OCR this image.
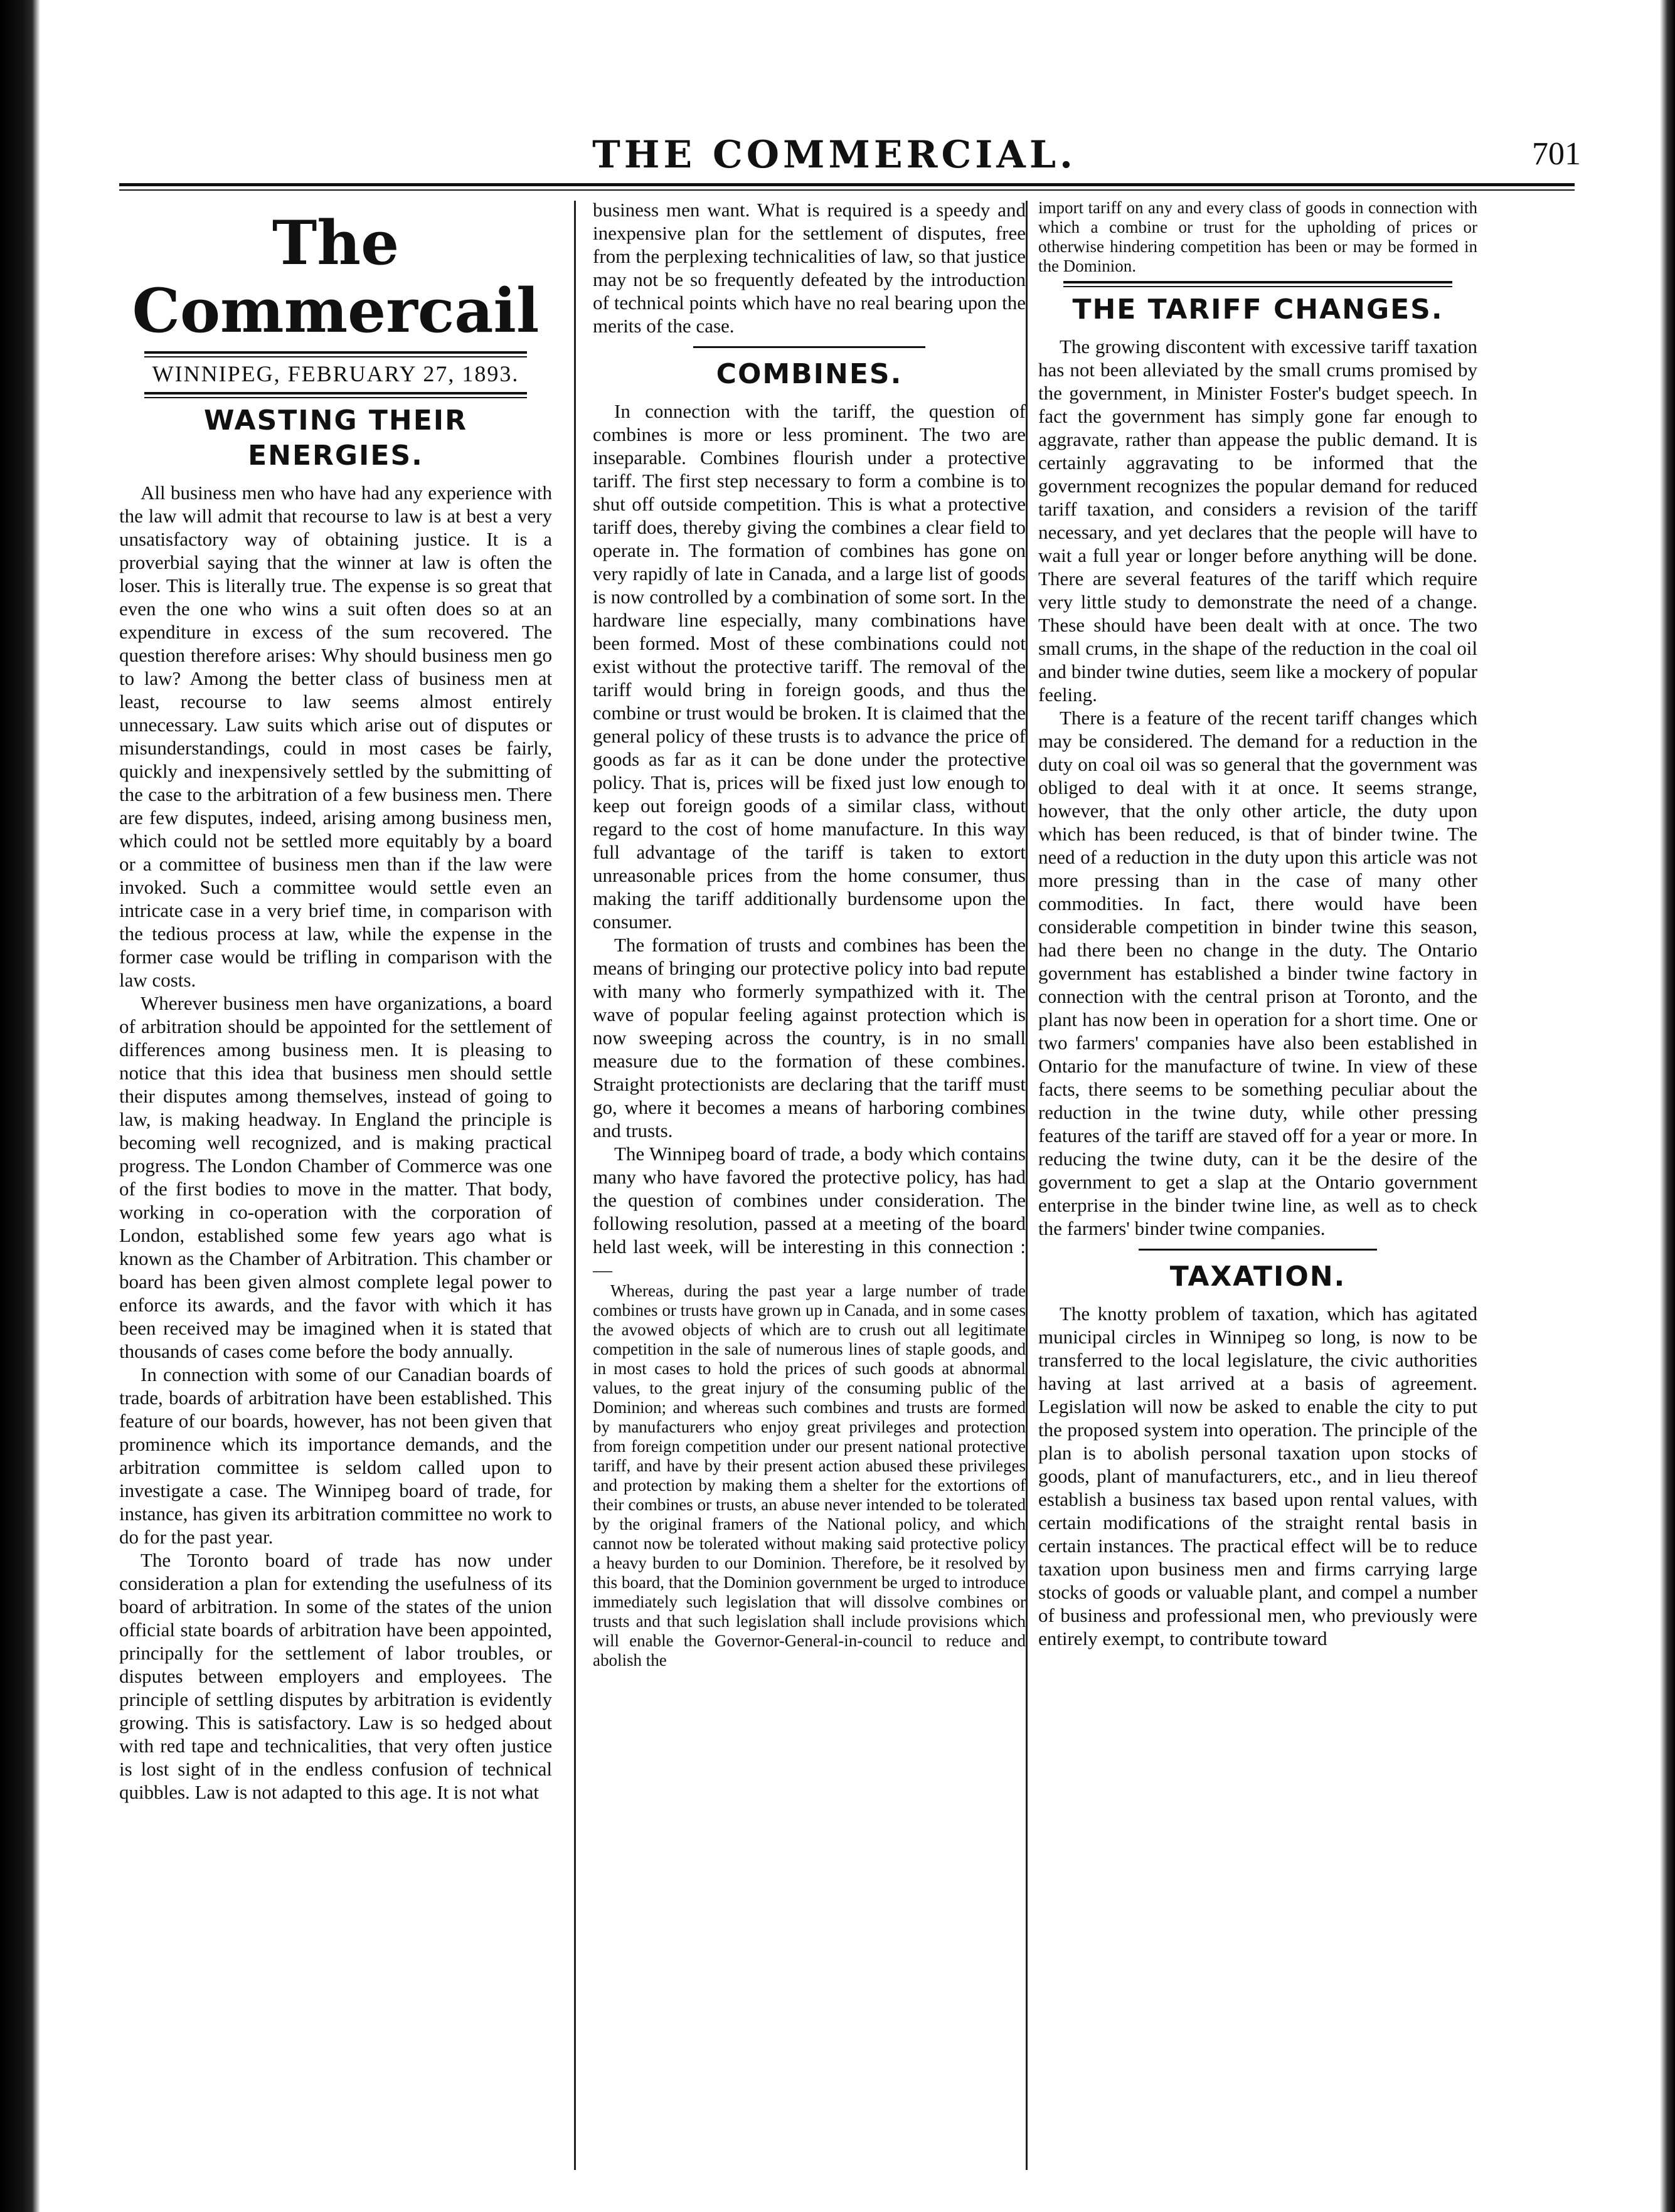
THE COMMERCIAL.	701
The Commercail
WINNIPEG, FEBRUARY 27, 1893.
WASTING THEIR ENERGIES.

All business men who have had any experience with the law will admit that recourse to law is at best a very unsatisfactory way of obtaining justice. It is a proverbial saying that the winner at law is often the loser. This is literally true. The expense is so great that even the one who wins a suit often does so at an expenditure in excess of the sum recovered. The question therefore arises: Why should business men go to law? Among the better class of business men at least, recourse to law seems almost entirely unnecessary. Law suits which arise out of disputes or misunderstandings, could in most cases be fairly, quickly and inexpensively settled by the submitting of the case to the arbitration of a few business men. There are few disputes, indeed, arising among business men, which could not be settled more equitably by a board or a committee of business men than if the law were invoked. Such a committee would settle even an intricate case in a very brief time, in comparison with the tedious process at law, while the expense in the former case would be trifling in comparison with the law costs.

Wherever business men have organizations, a board of arbitration should be appointed for the settlement of differences among business men. It is pleasing to notice that this idea that business men should settle their disputes among themselves, instead of going to law, is making headway. In England the principle is becoming well recognized, and is making practical progress. The London Chamber of Commerce was one of the first bodies to move in the matter. That body, working in co-operation with the corporation of London, established some few years ago what is known as the Chamber of Arbitration. This chamber or board has been given almost complete legal power to enforce its awards, and the favor with which it has been received may be imagined when it is stated that thousands of cases come before the body annually.

In connection with some of our Canadian boards of trade, boards of arbitration have been established. This feature of our boards, however, has not been given that prominence which its importance demands, and the arbitration committee is seldom called upon to investigate a case. The Winnipeg board of trade, for instance, has given its arbitration committee no work to do for the past year.

The Toronto board of trade has now under consideration a plan for extending the usefulness of its board of arbitration. In some of the states of the union official state boards of arbitration have been appointed, principally for the settlement of labor troubles, or disputes between employers and employees. The principle of settling disputes by arbitration is evidently growing. This is satisfactory. Law is so hedged about with red tape and technicalities, that very often justice is lost sight of in the endless confusion of technical quibbles. Law is not adapted to this age. It is not what

business men want. What is required is a speedy and inexpensive plan for the settlement of disputes, free from the perplexing technicalities of law, so that justice may not be so frequently defeated by the introduction of technical points which have no real bearing upon the merits of the case.

COMBINES.

In connection with the tariff, the question of combines is more or less prominent. The two are inseparable. Combines flourish under a protective tariff. The first step necessary to form a combine is to shut off outside competition. This is what a protective tariff does, thereby giving the combines a clear field to operate in. The formation of combines has gone on very rapidly of late in Canada, and a large list of goods is now controlled by a combination of some sort. In the hardware line especially, many combinations have been formed. Most of these combinations could not exist without the protective tariff. The removal of the tariff would bring in foreign goods, and thus the combine or trust would be broken. It is claimed that the general policy of these trusts is to advance the price of goods as far as it can be done under the protective policy. That is, prices will be fixed just low enough to keep out foreign goods of a similar class, without regard to the cost of home manufacture. In this way full advantage of the tariff is taken to extort unreasonable prices from the home consumer, thus making the tariff additionally burdensome upon the consumer.

The formation of trusts and combines has been the means of bringing our protective policy into bad repute with many who formerly sympathized with it. The wave of popular feeling against protection which is now sweeping across the country, is in no small measure due to the formation of these combines. Straight protectionists are declaring that the tariff must go, where it becomes a means of harboring combines and trusts.

The Winnipeg board of trade, a body which contains many who have favored the protective policy, has had the question of combines under consideration. The following resolution, passed at a meeting of the board held last week, will be interesting in this connection :—

Whereas, during the past year a large number of trade combines or trusts have grown up in Canada, and in some cases the avowed objects of which are to crush out all legitimate competition in the sale of numerous lines of staple goods, and in most cases to hold the prices of such goods at abnormal values, to the great injury of the consuming public of the Dominion; and whereas such combines and trusts are formed by manufacturers who enjoy great privileges and protection from foreign competition under our present national protective tariff, and have by their present action abused these privileges and protection by making them a shelter for the extortions of their combines or trusts, an abuse never intended to be tolerated by the original framers of the National policy, and which cannot now be tolerated without making said protective policy a heavy burden to our Dominion. Therefore, be it resolved by this board, that the Dominion government be urged to introduce immediately such legislation that will dissolve combines or trusts and that such legislation shall include provisions which will enable the Governor-General-in-council to reduce and abolish the

import tariff on any and every class of goods in connection with which a combine or trust for the upholding of prices or otherwise hindering competition has been or may be formed in the Dominion.

THE TARIFF CHANGES.

The growing discontent with excessive tariff taxation has not been alleviated by the small crums promised by the government, in Minister Foster's budget speech. In fact the government has simply gone far enough to aggravate, rather than appease the public demand. It is certainly aggravating to be informed that the government recognizes the popular demand for reduced tariff taxation, and considers a revision of the tariff necessary, and yet declares that the people will have to wait a full year or longer before anything will be done. There are several features of the tariff which require very little study to demonstrate the need of a change. These should have been dealt with at once. The two small crums, in the shape of the reduction in the coal oil and binder twine duties, seem like a mockery of popular feeling.

There is a feature of the recent tariff changes which may be considered. The demand for a reduction in the duty on coal oil was so general that the government was obliged to deal with it at once. It seems strange, however, that the only other article, the duty upon which has been reduced, is that of binder twine. The need of a reduction in the duty upon this article was not more pressing than in the case of many other commodities. In fact, there would have been considerable competition in binder twine this season, had there been no change in the duty. The Ontario government has established a binder twine factory in connection with the central prison at Toronto, and the plant has now been in operation for a short time. One or two farmers' companies have also been established in Ontario for the manufacture of twine. In view of these facts, there seems to be something peculiar about the reduction in the twine duty, while other pressing features of the tariff are staved off for a year or more. In reducing the twine duty, can it be the desire of the government to get a slap at the Ontario government enterprise in the binder twine line, as well as to check the farmers' binder twine companies.

TAXATION.

The knotty problem of taxation, which has agitated municipal circles in Winnipeg so long, is now to be transferred to the local legislature, the civic authorities having at last arrived at a basis of agreement. Legislation will now be asked to enable the city to put the proposed system into operation. The principle of the plan is to abolish personal taxation upon stocks of goods, plant of manufacturers, etc., and in lieu thereof establish a business tax based upon rental values, with certain modifications of the straight rental basis in certain instances. The practical effect will be to reduce taxation upon business men and firms carrying large stocks of goods or valuable plant, and compel a number of business and professional men, who previously were entirely exempt, to contribute toward
